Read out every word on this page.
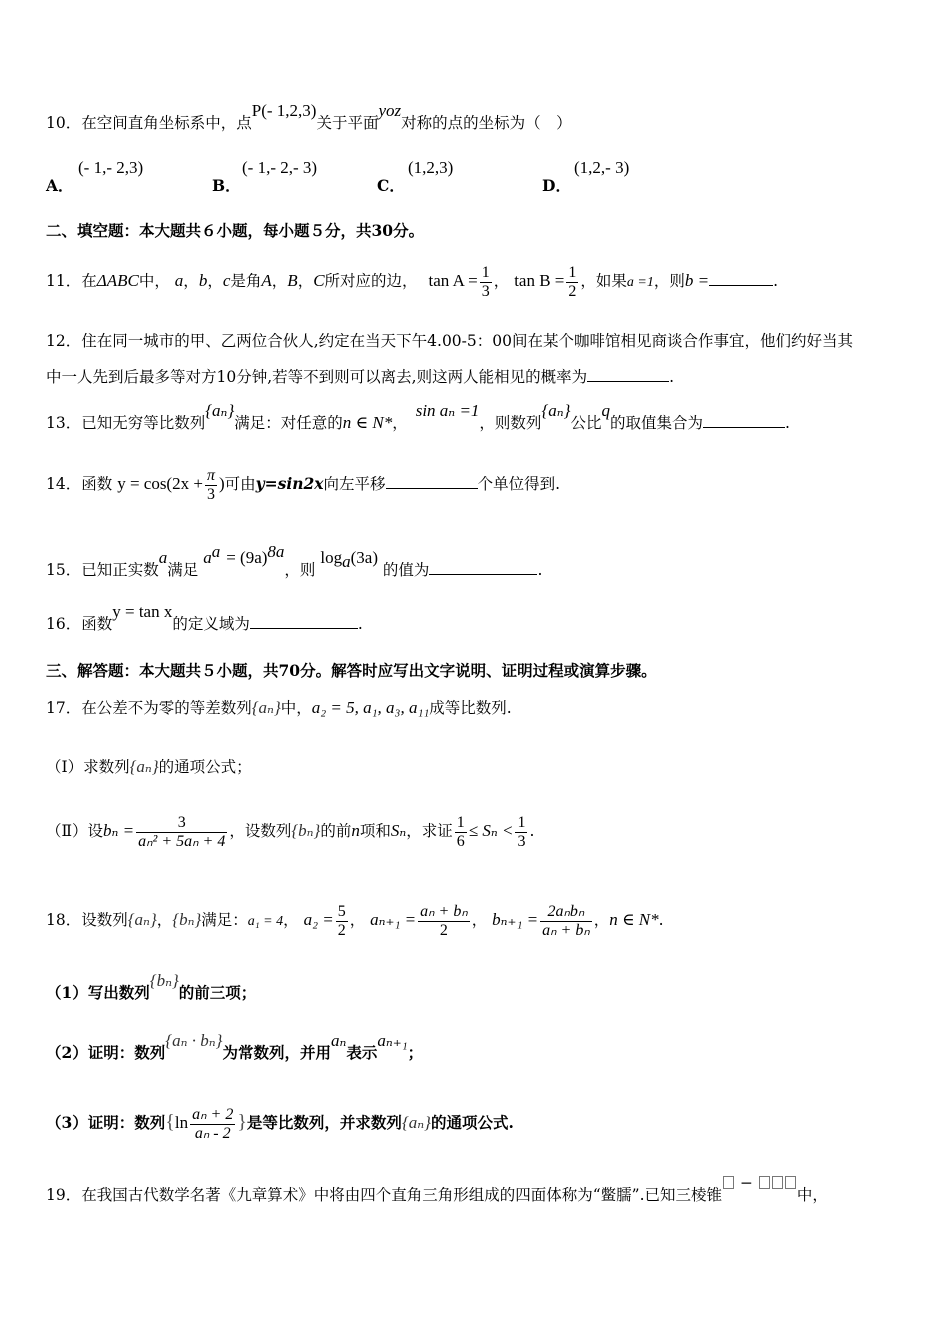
10．在空间直角坐标系中，点P(- 1,2,3)关于平面yoz对称的点的坐标为（　）
A．
(- 1,- 2,3)
B．
(- 1,- 2,- 3)
C．
(1,2,3)
D．
(1,2,- 3)
二、填空题：本大题共６小题，每小题５分，共30分。
11．在ΔABC中， a，b，c是角A，B，C所对应的边， $\tan A = \frac{1}{3}$ ， $\tan B = \frac{1}{2}$ ，如果a =1，则b =	.
12．住在同一城市的甲、乙两位合伙人,约定在当天下午4.00-5：00间在某个咖啡馆相见商谈合作事宜，他们约好当其
中一人先到后最多等对方10分钟,若等不到则可以离去,则这两人能相见的概率为	.
13．已知无穷等比数列{aₙ}满足：对任意的n ∈ N*，sin aₙ =1，则数列{aₙ}公比q的取值集合为	.
14．函数 $y = \cos(2x + \frac{\pi}{3}$ )可由y=sin2x向左平移	个单位得到.
15．已知正实数a满足 $a^a = (9a)^{8a}$，则 $\log_a(3a)$ 的值为	.
16．函数y = tan x的定义域为	.
三、解答题：本大题共５小题，共70分。解答时应写出文字说明、证明过程或演算步骤。
17．在公差不为零的等差数列{aₙ}中，a₂ = 5, a₁, a₃, a₁₁成等比数列.
（Ⅰ）求数列{aₙ}的通项公式；
（Ⅱ）设$b_n = \frac{3}{\text{aₙ² + 5aₙ + 4}}$ ，设数列{bₙ}的前n项和Sₙ，求证 $\frac{1}{6} \le S_n < \frac{1}{3}$ .
18．设数列{aₙ}，{bₙ}满足：a₁ = 4， $a_2 = \frac{5}{2}$ ， $a_{n+1} = \frac{\text{aₙ + bₙ}}{2}$ ， $b_{n+1} = \frac{\text{2aₙbₙ}}{\text{aₙ + bₙ}}$ ，n ∈ N*.
（1）写出数列{bₙ}的前三项；
（2）证明：数列{aₙ · bₙ}为常数列，并用aₙ表示aₙ₊₁；
（3）证明：数列{$\ln \frac{\text{aₙ + 2}}{\text{aₙ - 2}}$ }是等比数列，并求数列{aₙ}的通项公式.
19．在我国古代数学名著《九章算术》中将由四个直角三角形组成的四面体称为“鳖臑”.已知三棱锥 − 中，
